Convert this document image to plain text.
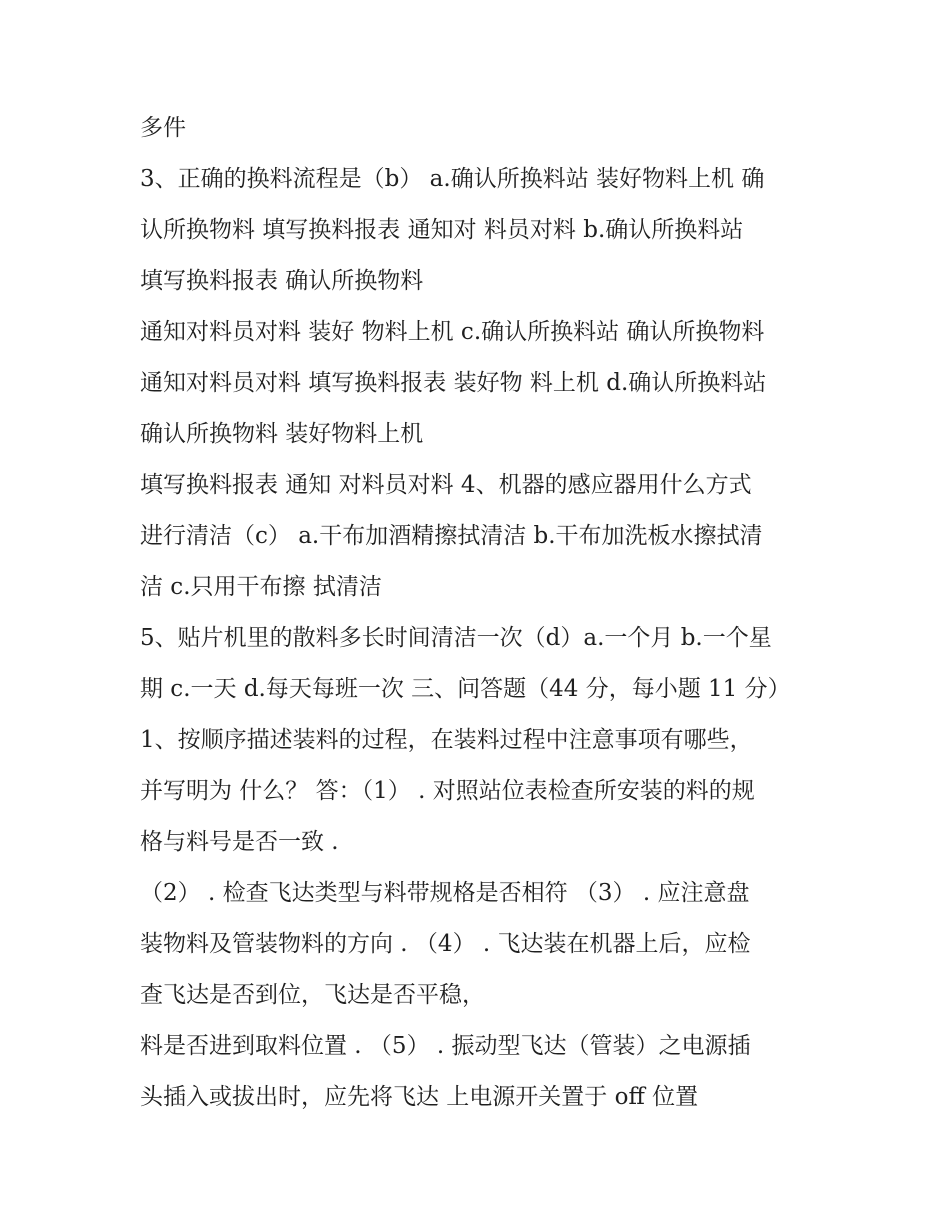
多件
3、正确的换料流程是（b） a.确认所换料站 装好物料上机 确
认所换物料 填写换料报表 通知对 料员对料 b.确认所换料站
填写换料报表 确认所换物料
通知对料员对料 装好 物料上机 c.确认所换料站 确认所换物料
通知对料员对料 填写换料报表 装好物 料上机 d.确认所换料站
确认所换物料 装好物料上机
填写换料报表 通知 对料员对料 4、机器的感应器用什么方式
进行清洁（c） a.干布加酒精擦拭清洁 b.干布加洗板水擦拭清
洁 c.只用干布擦 拭清洁
5、贴片机里的散料多长时间清洁一次（d）a.一个月 b.一个星
期 c.一天 d.每天每班一次 三、问答题（44 分，每小题 11 分）
1、按顺序描述装料的过程，在装料过程中注意事项有哪些，
并写明为 什么？ 答：（1） . 对照站位表检查所安装的料的规
格与料号是否一致 .
（2） . 检查飞达类型与料带规格是否相符 （3） . 应注意盘
装物料及管装物料的方向 . （4） . 飞达装在机器上后，应检
查飞达是否到位，飞达是否平稳，
料是否进到取料位置 . （5） . 振动型飞达（管装）之电源插
头插入或拔出时，应先将飞达 上电源开关置于 off 位置
